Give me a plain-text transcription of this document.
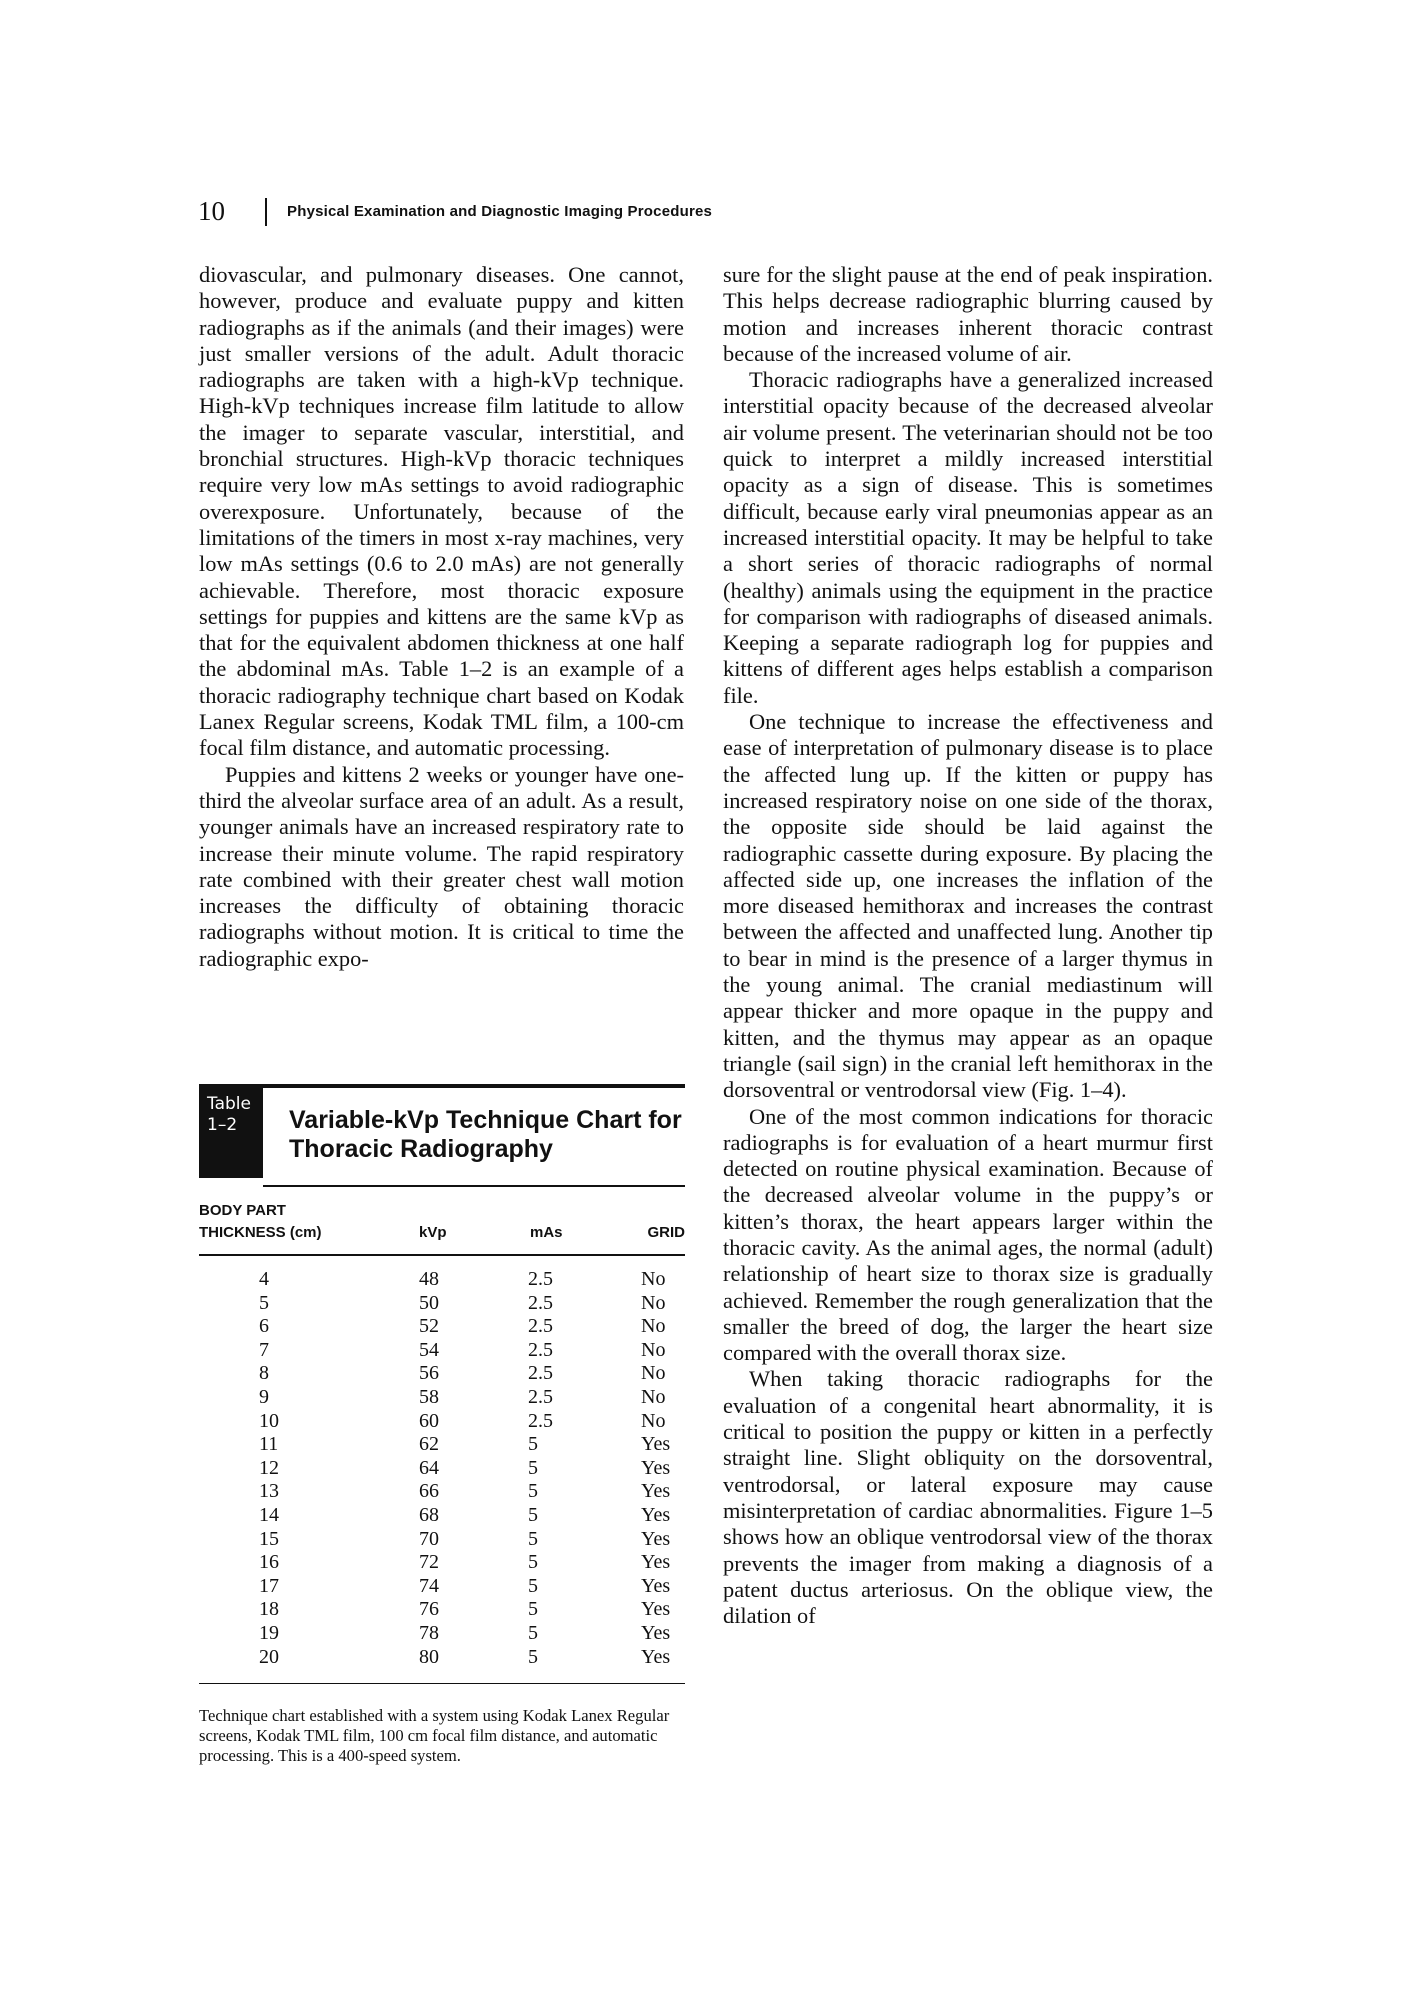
10	Physical Examination and Diagnostic Imaging Procedures

diovascular, and pulmonary diseases. One cannot, however, produce and evaluate puppy and kitten radiographs as if the animals (and their images) were just smaller versions of the adult. Adult thoracic radiographs are taken with a high-kVp technique. High-kVp techniques increase film latitude to allow the imager to separate vascular, interstitial, and bronchial structures. High-kVp thoracic techniques require very low mAs settings to avoid radiographic overexposure. Unfortunately, because of the limitations of the timers in most x-ray machines, very low mAs settings (0.6 to 2.0 mAs) are not generally achievable. Therefore, most thoracic exposure settings for puppies and kittens are the same kVp as that for the equivalent abdomen thickness at one half the abdominal mAs. Table 1–2 is an example of a thoracic radiography technique chart based on Kodak Lanex Regular screens, Kodak TML film, a 100-cm focal film distance, and automatic processing.

Puppies and kittens 2 weeks or younger have one-third the alveolar surface area of an adult. As a result, younger animals have an increased respiratory rate to increase their minute volume. The rapid respiratory rate combined with their greater chest wall motion increases the difficulty of obtaining thoracic radiographs without motion. It is critical to time the radiographic expo-

Table
1–2	Variable-kVp Technique Chart for
Thoracic Radiography
BODY PART
THICKNESS (cm)	kVp	mAs	GRID
4	48	2.5	No
5	50	2.5	No
6	52	2.5	No
7	54	2.5	No
8	56	2.5	No
9	58	2.5	No
10	60	2.5	No
11	62	5	Yes
12	64	5	Yes
13	66	5	Yes
14	68	5	Yes
15	70	5	Yes
16	72	5	Yes
17	74	5	Yes
18	76	5	Yes
19	78	5	Yes
20	80	5	Yes
Technique chart established with a system using Kodak Lanex Regular screens, Kodak TML film, 100 cm focal film distance, and automatic processing. This is a 400-speed system.

sure for the slight pause at the end of peak inspiration. This helps decrease radiographic blurring caused by motion and increases inherent thoracic contrast because of the increased volume of air.

Thoracic radiographs have a generalized increased interstitial opacity because of the decreased alveolar air volume present. The veterinarian should not be too quick to interpret a mildly increased interstitial opacity as a sign of disease. This is sometimes difficult, because early viral pneumonias appear as an increased interstitial opacity. It may be helpful to take a short series of thoracic radiographs of normal (healthy) animals using the equipment in the practice for comparison with radiographs of diseased animals. Keeping a separate radiograph log for puppies and kittens of different ages helps establish a comparison file.

One technique to increase the effectiveness and ease of interpretation of pulmonary disease is to place the affected lung up. If the kitten or puppy has increased respiratory noise on one side of the thorax, the opposite side should be laid against the radiographic cassette during exposure. By placing the affected side up, one increases the inflation of the more diseased hemithorax and increases the contrast between the affected and unaffected lung. Another tip to bear in mind is the presence of a larger thymus in the young animal. The cranial mediastinum will appear thicker and more opaque in the puppy and kitten, and the thymus may appear as an opaque triangle (sail sign) in the cranial left hemithorax in the dorsoventral or ventrodorsal view (Fig. 1–4).

One of the most common indications for thoracic radiographs is for evaluation of a heart murmur first detected on routine physical examination. Because of the decreased alveolar volume in the puppy’s or kitten’s thorax, the heart appears larger within the thoracic cavity. As the animal ages, the normal (adult) relationship of heart size to thorax size is gradually achieved. Remember the rough generalization that the smaller the breed of dog, the larger the heart size compared with the overall thorax size.

When taking thoracic radiographs for the evaluation of a congenital heart abnormality, it is critical to position the puppy or kitten in a perfectly straight line. Slight obliquity on the dorsoventral, ventrodorsal, or lateral exposure may cause misinterpretation of cardiac abnormalities. Figure 1–5 shows how an oblique ventrodorsal view of the thorax prevents the imager from making a diagnosis of a patent ductus arteriosus. On the oblique view, the dilation of
